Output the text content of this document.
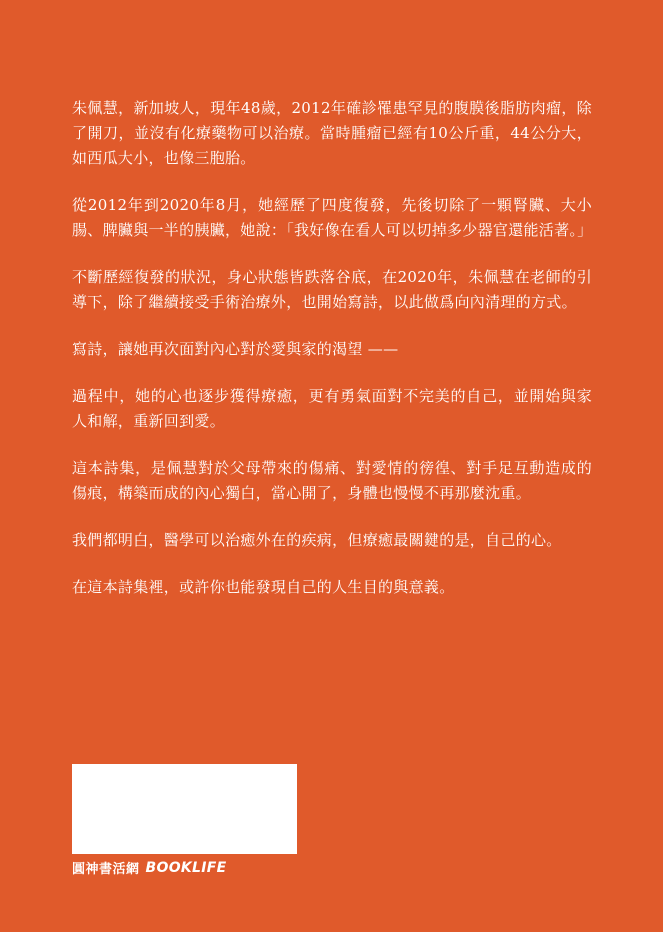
朱佩慧，新加坡人，現年48歲，2012年確診罹患罕見的腹膜後脂肪肉瘤，除了開刀，並沒有化療藥物可以治療。當時腫瘤已經有10公斤重，44公分大，如西瓜大小，也像三胞胎。

從2012年到2020年8月，她經歷了四度復發，先後切除了一顆腎臟、大小腸、脾臟與一半的胰臟，她說：「我好像在看人可以切掉多少器官還能活著。」

不斷歷經復發的狀況，身心狀態皆跌落谷底，在2020年，朱佩慧在老師的引導下，除了繼續接受手術治療外，也開始寫詩，以此做爲向內清理的方式。

寫詩，讓她再次面對內心對於愛與家的渴望 ——

過程中，她的心也逐步獲得療癒，更有勇氣面對不完美的自己，並開始與家人和解，重新回到愛。

這本詩集，是佩慧對於父母帶來的傷痛、對愛情的徬徨、對手足互動造成的傷痕，構築而成的內心獨白，當心開了，身體也慢慢不再那麼沈重。

我們都明白，醫學可以治癒外在的疾病，但療癒最關鍵的是，自己的心。

在這本詩集裡，或許你也能發現自己的人生目的與意義。

圓神書活網 BOOKLIFE
